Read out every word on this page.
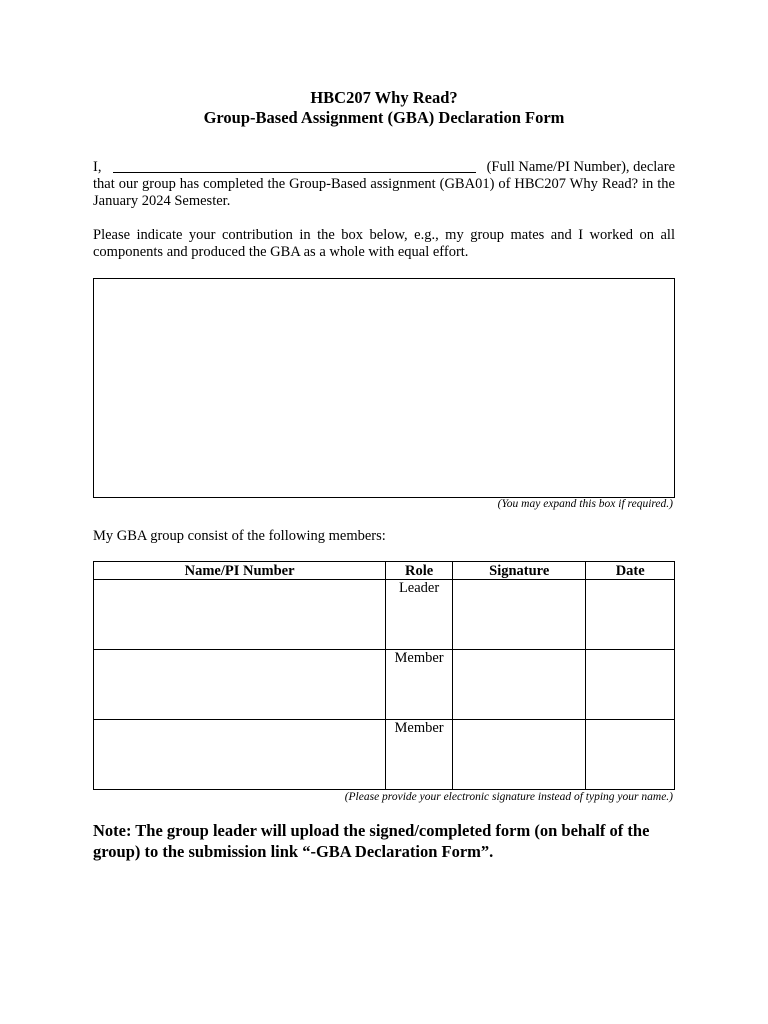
HBC207 Why Read?
Group-Based Assignment (GBA) Declaration Form
I,	(Full Name/PI Number), declare
that our group has completed the Group-Based assignment (GBA01) of HBC207 Why Read? in the January 2024 Semester.

Please indicate your contribution in the box below, e.g., my group mates and I worked on all components and produced the GBA as a whole with equal effort.

(You may expand this box if required.)

My GBA group consist of the following members:

Name/PI Number	Role	Signature	Date
	Leader		
	Member		
	Member		

(Please provide your electronic signature instead of typing your name.)

Note: The group leader will upload the signed/completed form (on behalf of the group) to the submission link “-GBA Declaration Form”.
